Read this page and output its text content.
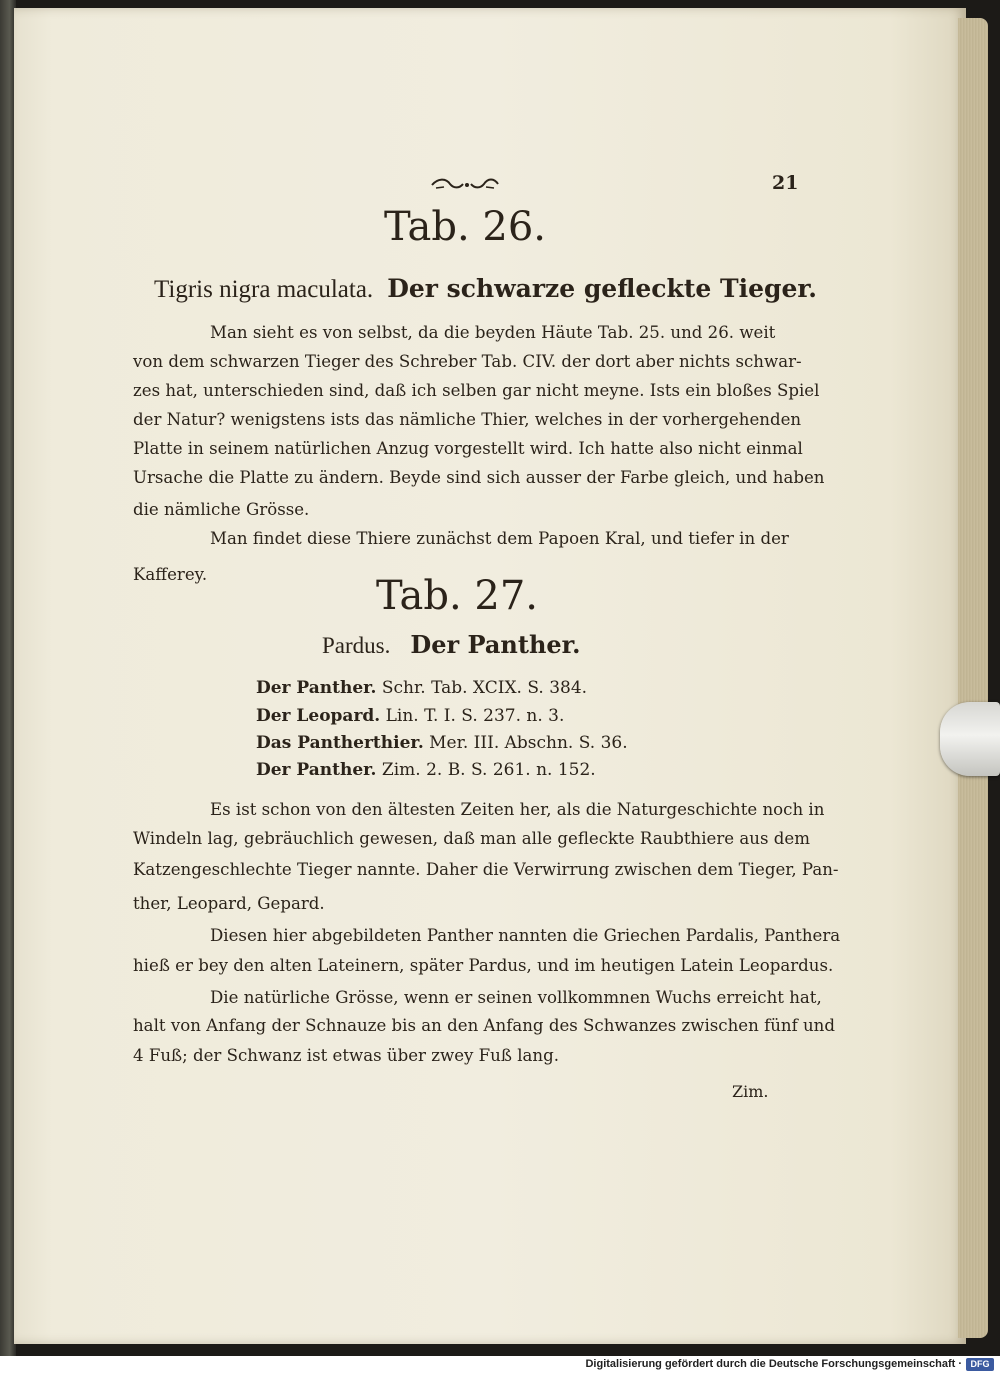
21
Tab. 26.
Tigris nigra maculata. Der schwarze gefleckte Tieger.
Man sieht es von selbst, da die beyden Häute Tab. 25. und 26. weit
von dem schwarzen Tieger des Schreber Tab. CIV. der dort aber nichts schwar-
zes hat, unterschieden sind, daß ich selben gar nicht meyne. Ists ein bloßes Spiel
der Natur? wenigstens ists das nämliche Thier, welches in der vorhergehenden
Platte in seinem natürlichen Anzug vorgestellt wird. Ich hatte also nicht einmal
Ursache die Platte zu ändern. Beyde sind sich ausser der Farbe gleich, und haben
die nämliche Grösse.
Man findet diese Thiere zunächst dem Papoen Kral, und tiefer in der
Kafferey.	Tab. 27.
Pardus. Der Panther.
Der Panther. Schr. Tab. XCIX. S. 384.
Der Leopard. Lin. T. I. S. 237. n. 3.
Das Pantherthier. Mer. III. Abschn. S. 36.
Der Panther. Zim. 2. B. S. 261. n. 152.
Es ist schon von den ältesten Zeiten her, als die Naturgeschichte noch in
Windeln lag, gebräuchlich gewesen, daß man alle gefleckte Raubthiere aus dem
Katzengeschlechte Tieger nannte. Daher die Verwirrung zwischen dem Tieger, Pan-
ther, Leopard, Gepard.
Diesen hier abgebildeten Panther nannten die Griechen Pardalis, Panthera
hieß er bey den alten Lateinern, später Pardus, und im heutigen Latein Leopardus.
Die natürliche Grösse, wenn er seinen vollkommnen Wuchs erreicht hat,
halt von Anfang der Schnauze bis an den Anfang des Schwanzes zwischen fünf und
4 Fuß; der Schwanz ist etwas über zwey Fuß lang.
Zim.
Digitalisierung gefördert durch die Deutsche Forschungsgemeinschaft · DFG
